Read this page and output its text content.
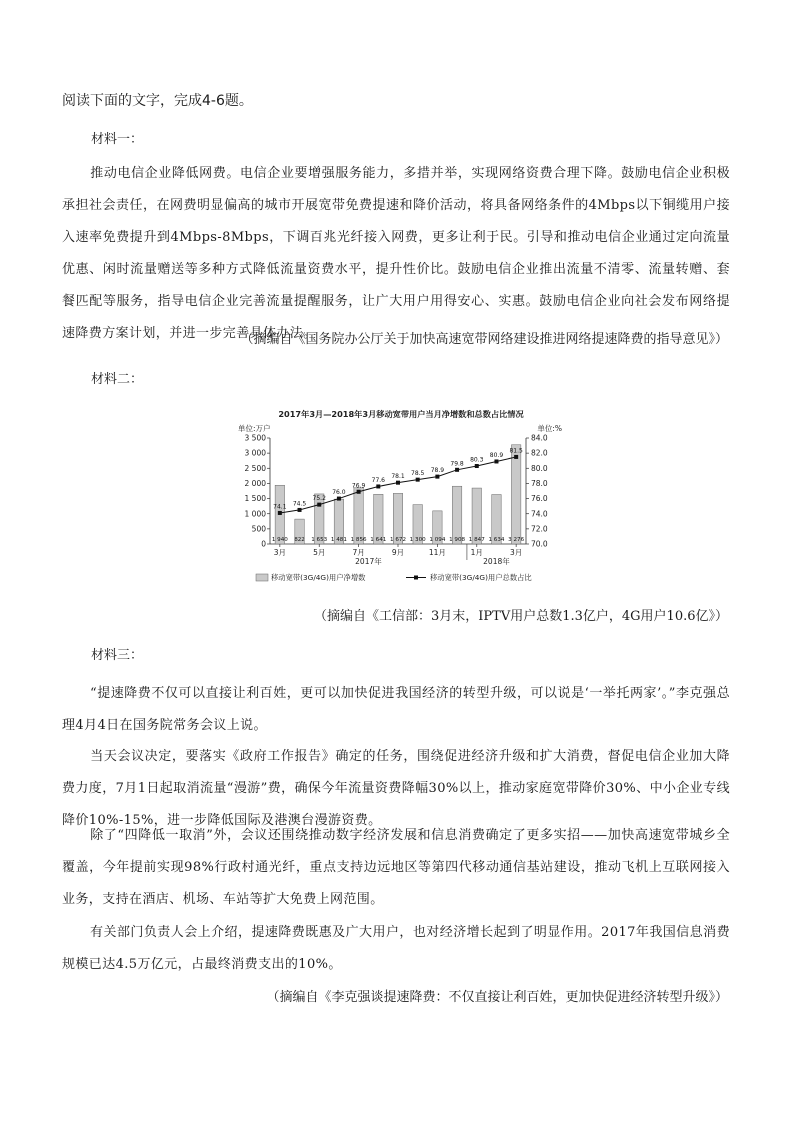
阅读下面的文字，完成4-6题。
材料一：
推动电信企业降低网费。电信企业要增强服务能力，多措并举，实现网络资费合理下降。鼓励电信企业积极承担社会责任，在网费明显偏高的城市开展宽带免费提速和降价活动，将具备网络条件的4Mbps以下铜缆用户接入速率免费提升到4Mbps-8Mbps，下调百兆光纤接入网费，更多让利于民。引导和推动电信企业通过定向流量优惠、闲时流量赠送等多种方式降低流量资费水平，提升性价比。鼓励电信企业推出流量不清零、流量转赠、套餐匹配等服务，指导电信企业完善流量提醒服务，让广大用户用得安心、实惠。鼓励电信企业向社会发布网络提速降费方案计划，并进一步完善具体办法。
（摘编自《国务院办公厅关于加快高速宽带网络建设推进网络提速降费的指导意见》）
材料二：
2017年3月—2018年3月移动宽带用户当月净增数和总数占比情况
单位:万户	单位:%
0
500
1 000
1 500
2 000
2 500
3 000
3 500
70.0
72.0
74.0
76.0
78.0
80.0
82.0
84.0
1 940 822 1 653 1 481 1 856 1 641 1 672 1 300 1 094 1 908 1 847 1 634 3 276
74.1 74.5
75.2
76.0
76.9
77.6
78.1 78.5 78.9
79.8
80.3
80.9
81.5
3月	5月	7月	9月	11月	1月	3月
2017年	2018年
移动宽带(3G/4G)用户净增数	移动宽带(3G/4G)用户总数占比
（摘编自《工信部：3月末，IPTV用户总数1.3亿户，4G用户10.6亿》）
材料三：
“提速降费不仅可以直接让利百姓，更可以加快促进我国经济的转型升级，可以说是‘一举托两家’。”李克强总理4月4日在国务院常务会议上说。
当天会议决定，要落实《政府工作报告》确定的任务，围绕促进经济升级和扩大消费，督促电信企业加大降费力度，7月1日起取消流量“漫游”费，确保今年流量资费降幅30%以上，推动家庭宽带降价30%、中小企业专线降价10%-15%，进一步降低国际及港澳台漫游资费。
除了“四降低一取消”外，会议还围绕推动数字经济发展和信息消费确定了更多实招——加快高速宽带城乡全覆盖，今年提前实现98%行政村通光纤，重点支持边远地区等第四代移动通信基站建设，推动飞机上互联网接入业务，支持在酒店、机场、车站等扩大免费上网范围。
有关部门负责人会上介绍，提速降费既惠及广大用户，也对经济增长起到了明显作用。2017年我国信息消费规模已达4.5万亿元，占最终消费支出的10%。
（摘编自《李克强谈提速降费：不仅直接让利百姓，更加快促进经济转型升级》）
